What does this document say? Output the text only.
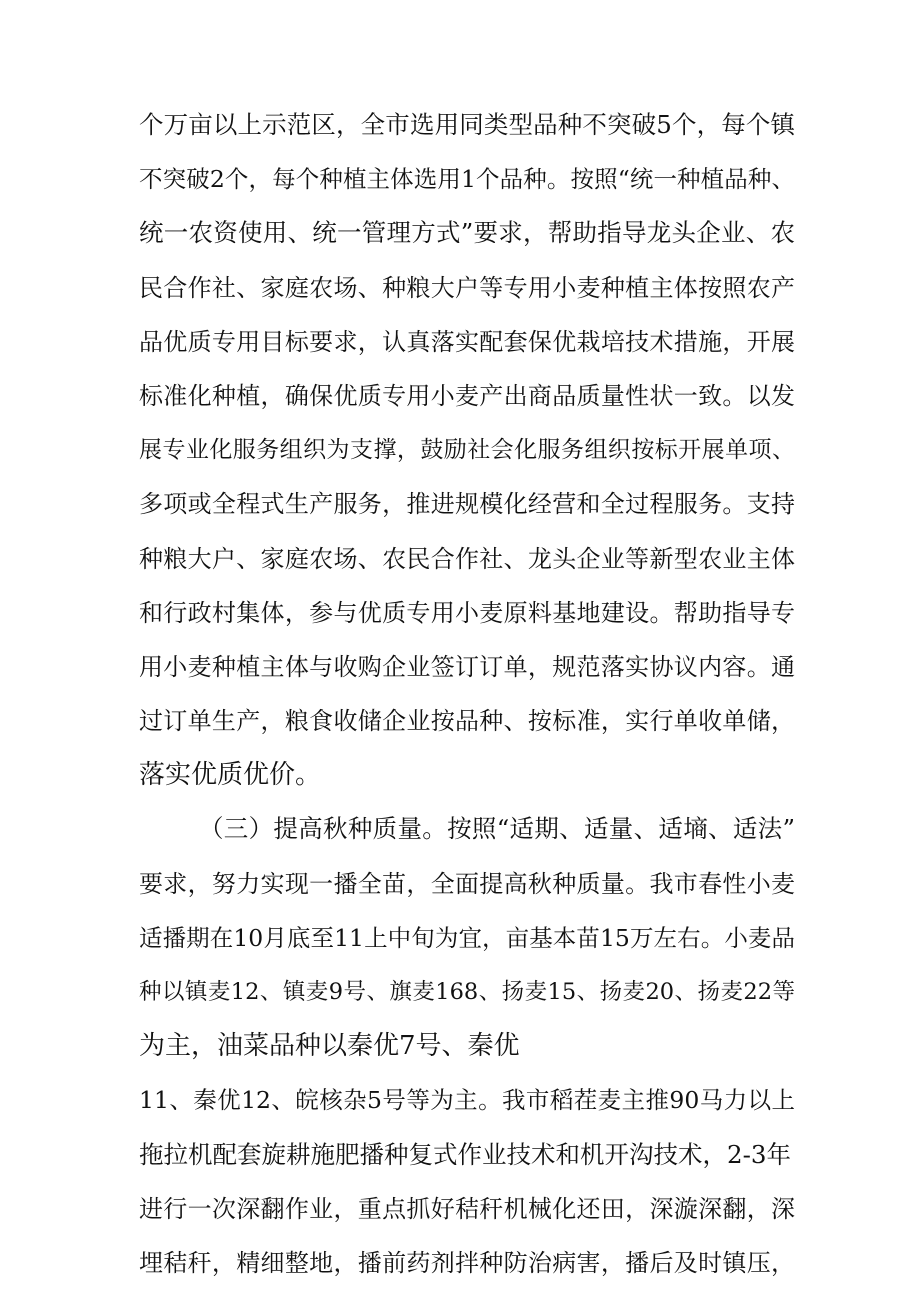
个万亩以上示范区，全市选用同类型品种不突破5个，每个镇
不突破2个，每个种植主体选用1个品种。按照“统一种植品种、
统一农资使用、统一管理方式”要求，帮助指导龙头企业、农
民合作社、家庭农场、种粮大户等专用小麦种植主体按照农产
品优质专用目标要求，认真落实配套保优栽培技术措施，开展
标准化种植，确保优质专用小麦产出商品质量性状一致。以发
展专业化服务组织为支撑，鼓励社会化服务组织按标开展单项、
多项或全程式生产服务，推进规模化经营和全过程服务。支持
种粮大户、家庭农场、农民合作社、龙头企业等新型农业主体
和行政村集体，参与优质专用小麦原料基地建设。帮助指导专
用小麦种植主体与收购企业签订订单，规范落实协议内容。通
过订单生产，粮食收储企业按品种、按标准，实行单收单储，
落实优质优价。
（三）提高秋种质量。按照“适期、适量、适墒、适法”
要求，努力实现一播全苗，全面提高秋种质量。我市春性小麦
适播期在10月底至11上中旬为宜，亩基本苗15万左右。小麦品
种以镇麦12、镇麦9号、旗麦168、扬麦15、扬麦20、扬麦22等
为主，油菜品种以秦优7号、秦优
11、秦优12、皖核杂5号等为主。我市稻茬麦主推90马力以上
拖拉机配套旋耕施肥播种复式作业技术和机开沟技术，2-3年
进行一次深翻作业，重点抓好秸秆机械化还田，深漩深翻，深
埋秸秆，精细整地，播前药剂拌种防治病害，播后及时镇压，
